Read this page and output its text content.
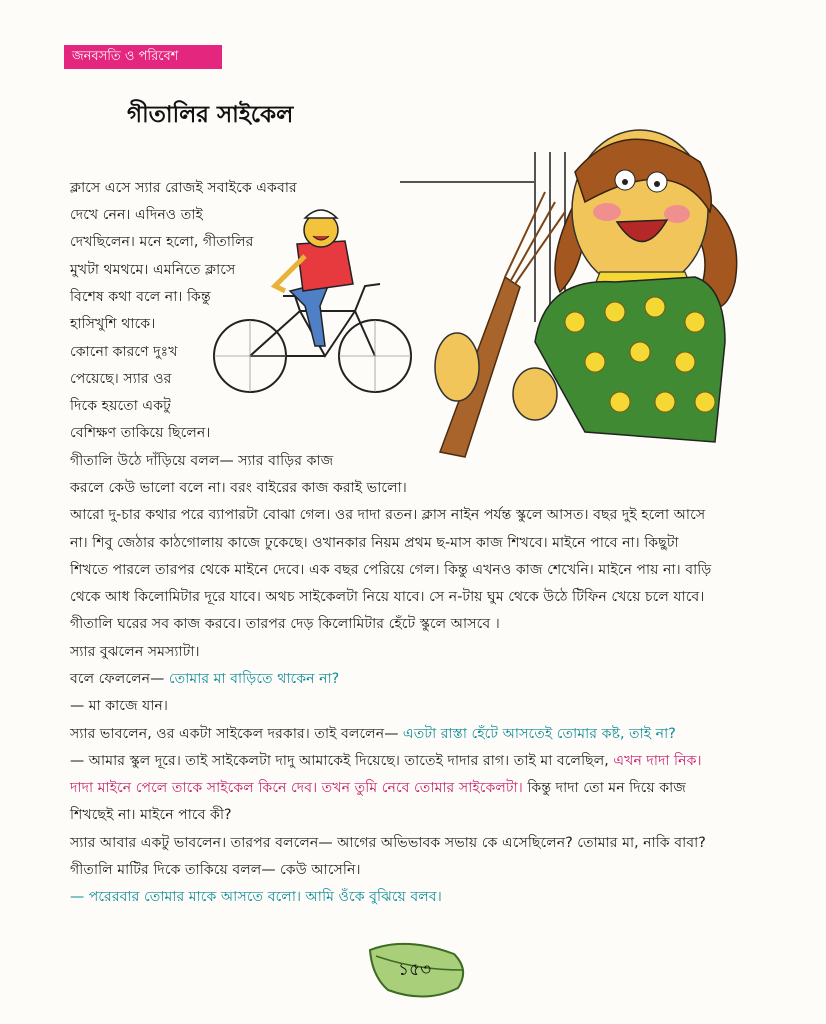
জনবসতি ও পরিবেশ
গীতালির সাইকেল
ক্লাসে এসে স্যার রোজই সবাইকে একবার
দেখে নেন। এদিনও তাই
দেখছিলেন। মনে হলো, গীতালির
মুখটা থমথমে। এমনিতে ক্লাসে
বিশেষ কথা বলে না। কিন্তু
হাসিখুশি থাকে।
কোনো কারণে দুঃখ
পেয়েছে। স্যার ওর
দিকে হয়তো একটু
বেশিক্ষণ তাকিয়ে ছিলেন।
গীতালি উঠে দাঁড়িয়ে বলল— স্যার বাড়ির কাজ
করলে কেউ ভালো বলে না। বরং বাইরের কাজ করাই ভালো।
আরো দু-চার কথার পরে ব্যাপারটা বোঝা গেল। ওর দাদা রতন। ক্লাস নাইন পর্যন্ত স্কুলে আসত। বছর দুই হলো আসে
না। শিবু জেঠার কাঠগোলায় কাজে ঢুকেছে। ওখানকার নিয়ম প্রথম ছ-মাস কাজ শিখবে। মাইনে পাবে না। কিছুটা
শিখতে পারলে তারপর থেকে মাইনে দেবে। এক বছর পেরিয়ে গেল। কিন্তু এখনও কাজ শেখেনি। মাইনে পায় না। বাড়ি
থেকে আধ কিলোমিটার দূরে যাবে। অথচ সাইকেলটা নিয়ে যাবে। সে ন-টায় ঘুম থেকে উঠে টিফিন খেয়ে চলে যাবে।
গীতালি ঘরের সব কাজ করবে। তারপর দেড় কিলোমিটার হেঁটে স্কুলে আসবে ।
স্যার বুঝলেন সমস্যাটা।
বলে ফেললেন— তোমার মা বাড়িতে থাকেন না?
— মা কাজে যান।
স্যার ভাবলেন, ওর একটা সাইকেল দরকার। তাই বললেন— এতটা রাস্তা হেঁটে আসতেই তোমার কষ্ট, তাই না?
— আমার স্কুল দূরে। তাই সাইকেলটা দাদু আমাকেই দিয়েছে। তাতেই দাদার রাগ। তাই মা বলেছিল, এখন দাদা নিক।
দাদা মাইনে পেলে তাকে সাইকেল কিনে দেব। তখন তুমি নেবে তোমার সাইকেলটা। কিন্তু দাদা তো মন দিয়ে কাজ
শিখছেই না। মাইনে পাবে কী?
স্যার আবার একটু ভাবলেন। তারপর বললেন— আগের অভিভাবক সভায় কে এসেছিলেন? তোমার মা, নাকি বাবা?
গীতালি মাটির দিকে তাকিয়ে বলল— কেউ আসেনি।
— পরেরবার তোমার মাকে আসতে বলো। আমি ওঁকে বুঝিয়ে বলব।
১৫৩
